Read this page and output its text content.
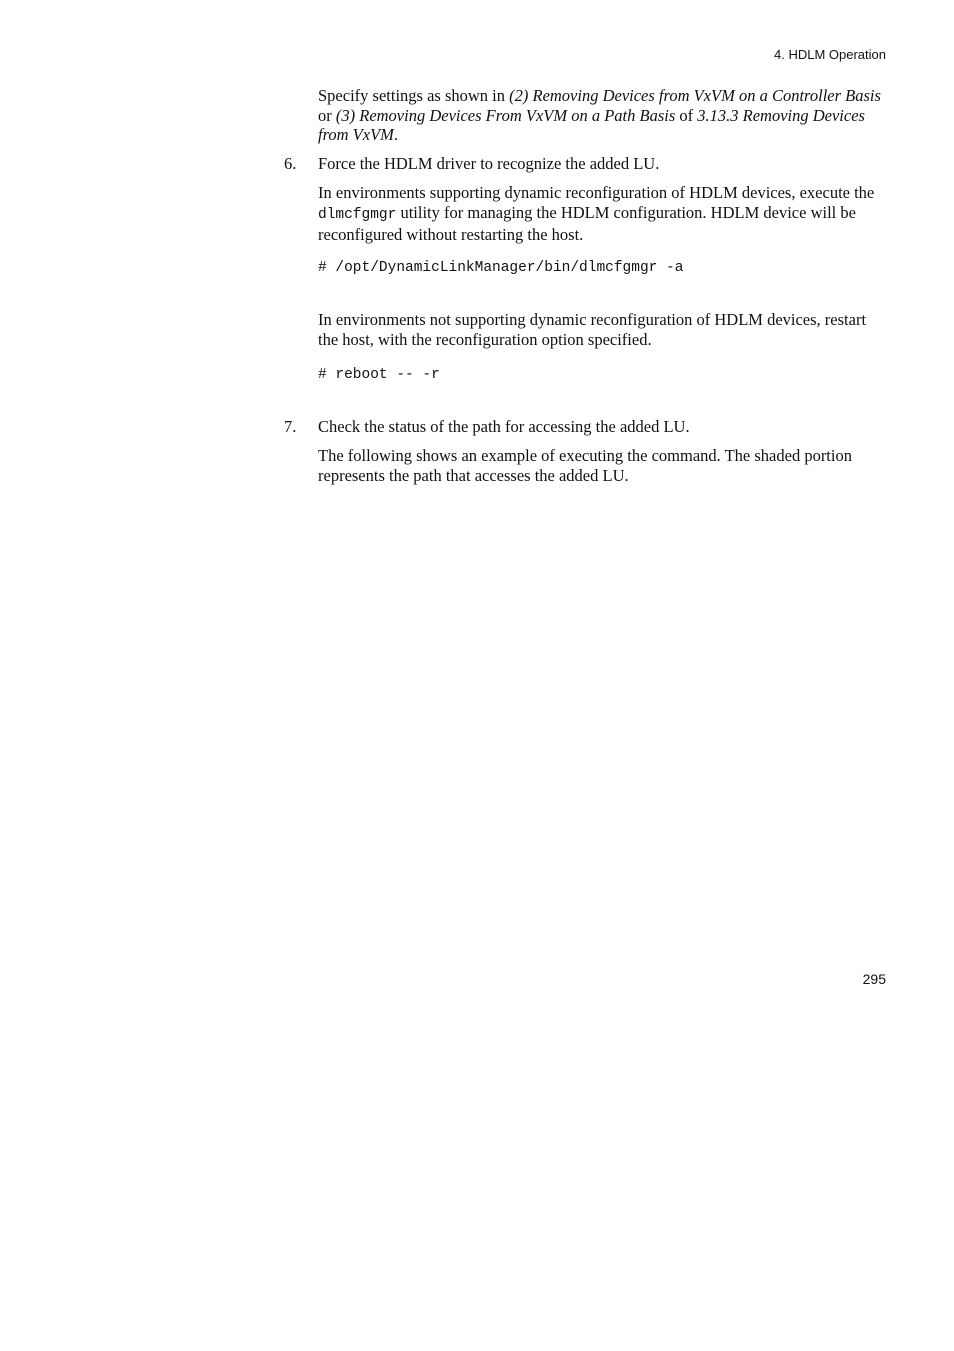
4. HDLM Operation

Specify settings as shown in (2) Removing Devices from VxVM on a Controller Basis or (3) Removing Devices From VxVM on a Path Basis of 3.13.3 Removing Devices from VxVM.

6. Force the HDLM driver to recognize the added LU.

In environments supporting dynamic reconfiguration of HDLM devices, execute the dlmcfgmgr utility for managing the HDLM configuration. HDLM device will be reconfigured without restarting the host.

# /opt/DynamicLinkManager/bin/dlmcfgmgr -a

In environments not supporting dynamic reconfiguration of HDLM devices, restart the host, with the reconfiguration option specified.

# reboot -- -r
7. Check the status of the path for accessing the added LU.

The following shows an example of executing the command. The shaded portion represents the path that accesses the added LU.

295
